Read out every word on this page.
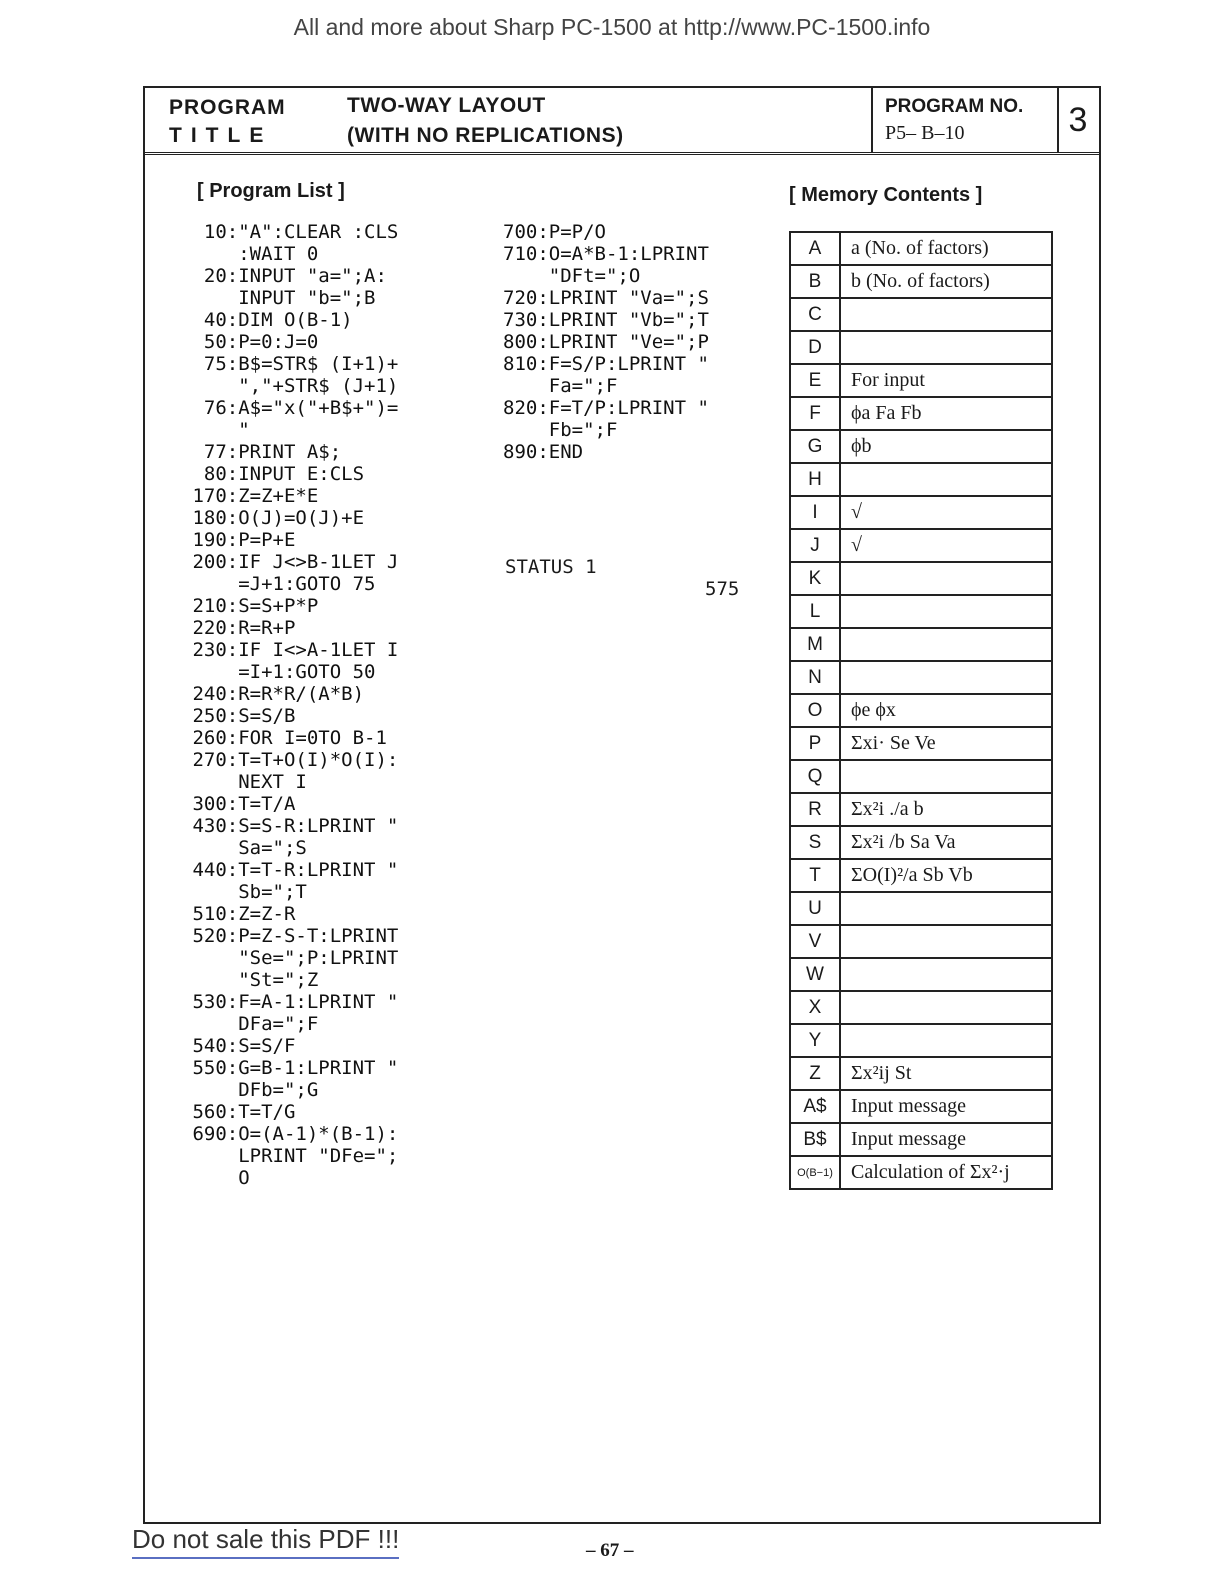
All and more about Sharp PC-1500 at http://www.PC-1500.info
PROGRAM
TITLE
TWO-WAY LAYOUT
(WITH NO REPLICATIONS)
PROGRAM NO.
P5– B–10	3
[ Program List ]
10:"A":CLEAR :CLS
:WAIT 0
20:INPUT "a=";A:
INPUT "b=";B
40:DIM O(B-1)
50:P=0:J=0
75:B$=STR$ (I+1)+
","+STR$ (J+1)
76:A$="x("+B$+")=
"
77:PRINT A$;
80:INPUT E:CLS
170:Z=Z+E*E
180:O(J)=O(J)+E
190:P=P+E
200:IF J<>B-1LET J
=J+1:GOTO 75
210:S=S+P*P
220:R=R+P
230:IF I<>A-1LET I
=I+1:GOTO 50
240:R=R*R/(A*B)
250:S=S/B
260:FOR I=0TO B-1
270:T=T+O(I)*O(I):
NEXT I
300:T=T/A
430:S=S-R:LPRINT "
Sa=";S
440:T=T-R:LPRINT "
Sb=";T
510:Z=Z-R
520:P=Z-S-T:LPRINT
"Se=";P:LPRINT
"St=";Z
530:F=A-1:LPRINT "
DFa=";F
540:S=S/F
550:G=B-1:LPRINT "
DFb=";G
560:T=T/G
690:O=(A-1)*(B-1):
LPRINT "DFe=";
O
700:P=P/O
710:O=A*B-1:LPRINT
"DFt=";O
720:LPRINT "Va=";S
730:LPRINT "Vb=";T
800:LPRINT "Ve=";P
810:F=S/P:LPRINT "
Fa=";F
820:F=T/P:LPRINT "
Fb=";F
890:END
STATUS 1
575
[ Memory Contents ]
A	a (No. of factors)
B	b (No. of factors)
C	
D	
E	For input
F	ϕa Fa Fb
G	ϕb
H	
I	√
J	√
K	
L	
M	
N	
O	ϕe ϕx
P	Σxi· Se Ve
Q	
R	Σx²i ./a b
S	Σx²i /b Sa Va
T	ΣO(I)²/a Sb Vb
U	
V	
W	
X	
Y	
Z	Σx²ij St
A$	Input message
B$	Input message
O(B−1)	Calculation of Σx²·j
Do not sale this PDF !!!	– 67 –
